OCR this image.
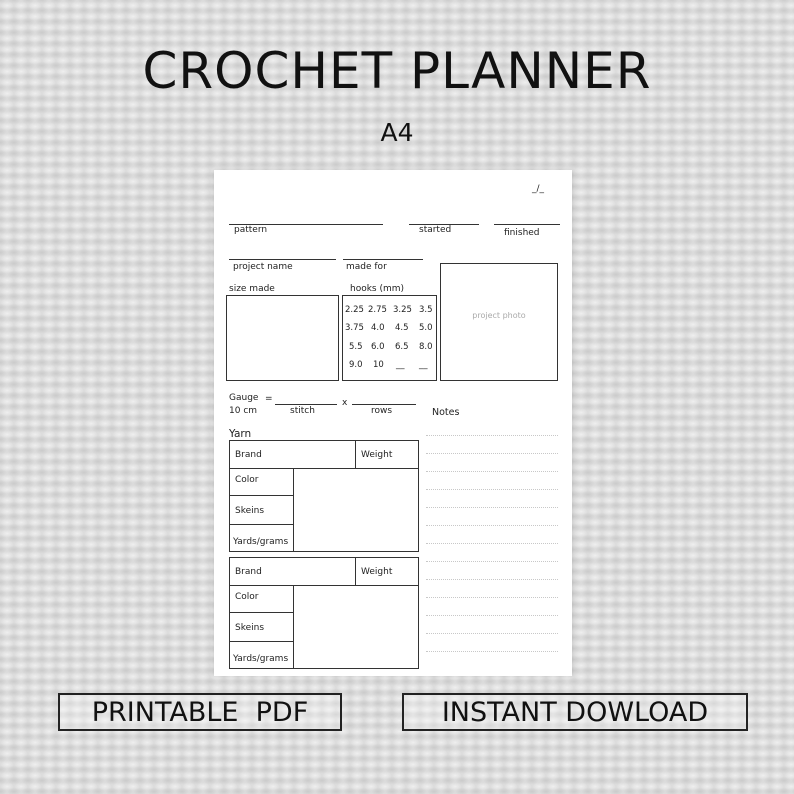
CROCHET PLANNER
A4
_/_
pattern	started	finished
project name	made for
size made	hooks (mm)
2.25 2.75 3.25 3.5
3.75 4.0 4.5 5.0
5.5 6.0 6.5 8.0
9.0 10 __ __
project photo
Gauge
10 cm
=
stitch
x
rows	Notes
Yarn
Brand	Weight
Color
Skeins
Yards/grams
Brand	Weight
Color
Skeins
Yards/grams
PRINTABLE  PDF	INSTANT DOWLOAD
